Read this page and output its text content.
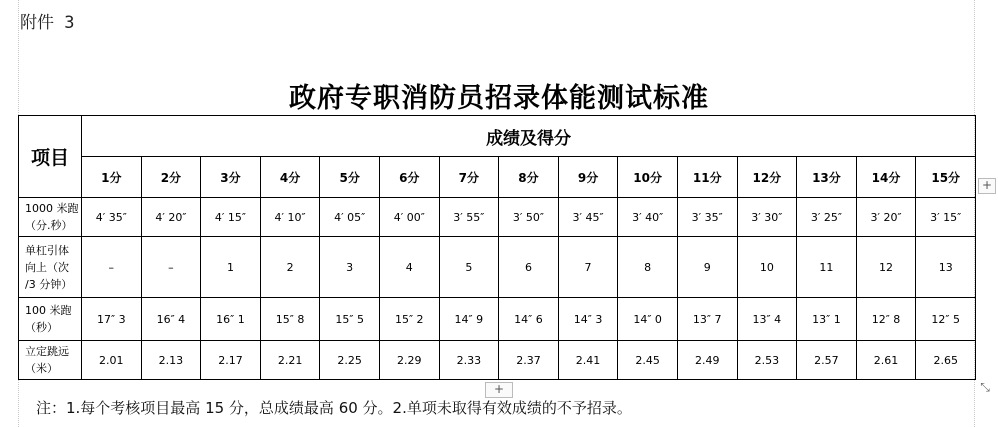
附件 3
政府专职消防员招录体能测试标准
项目	成绩及得分														
	1分	2分	3分	4分	5分	6分	7分	8分	9分	10分	11分	12分	13分	14分	15分

1000 米跑
（分.秒）	4′ 35″	4′ 20″	4′ 15″	4′ 10″	4′ 05″	4′ 00″	3′ 55″	3′ 50″	3′ 45″	3′ 40″	3′ 35″	3′ 30″	3′ 25″	3′ 20″	3′ 15″

单杠引体
向上（次
/3 分钟）	–	–	1	2	3	4	5	6	7	8	9	10	11	12	13

100 米跑
（秒）	17″ 3	16″ 4	16″ 1	15″ 8	15″ 5	15″ 2	14″ 9	14″ 6	14″ 3	14″ 0	13″ 7	13″ 4	13″ 1	12″ 8	12″ 5

立定跳远
（米）	2.01	2.13	2.17	2.21	2.25	2.29	2.33	2.37	2.41	2.45	2.49	2.53	2.57	2.61	2.65
注：1.每个考核项目最高 15 分，总成绩最高 60 分。2.单项未取得有效成绩的不予招录。
+
+	⤡
